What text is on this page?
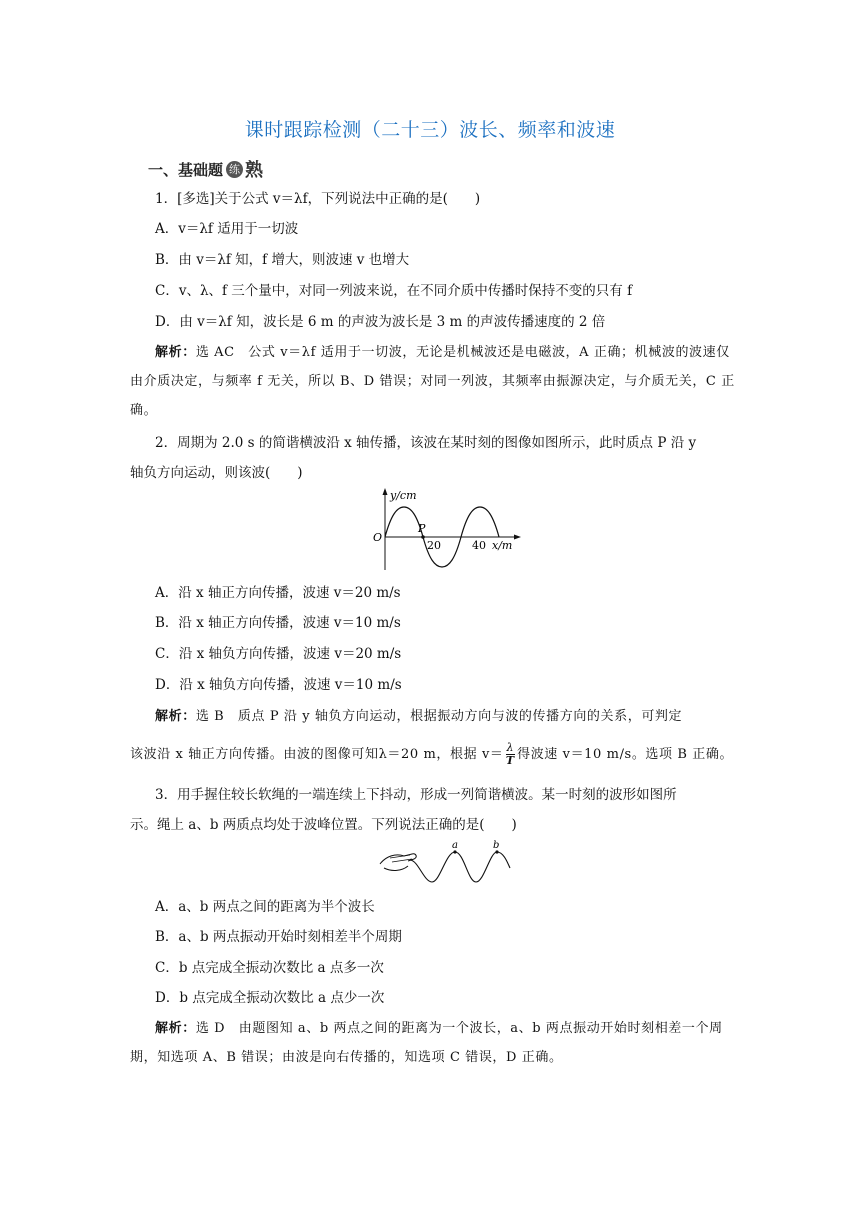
课时跟踪检测（二十三）波长、频率和波速
一、基础题 练 熟
1．[多选]关于公式 v＝λf，下列说法中正确的是(　　)
A．v＝λf 适用于一切波
B．由 v＝λf 知，f 增大，则波速 v 也增大
C．v、λ、f 三个量中，对同一列波来说，在不同介质中传播时保持不变的只有 f
D．由 v＝λf 知，波长是 6 m 的声波为波长是 3 m 的声波传播速度的 2 倍
解析：选 AC　公式 v＝λf 适用于一切波，无论是机械波还是电磁波，A 正确；机械波的波速仅由介质决定，与频率 f 无关，所以 B、D 错误；对同一列波，其频率由振源决定，与介质无关，C 正确。
2．周期为 2.0 s 的简谐横波沿 x 轴传播，该波在某时刻的图像如图所示，此时质点 P 沿 y
轴负方向运动，则该波(　　)
y/cm
O
P
20	40 x/m
A．沿 x 轴正方向传播，波速 v＝20 m/s
B．沿 x 轴正方向传播，波速 v＝10 m/s
C．沿 x 轴负方向传播，波速 v＝20 m/s
D．沿 x 轴负方向传播，波速 v＝10 m/s
解析：选 B　质点 P 沿 y 轴负方向运动，根据振动方向与波的传播方向的关系，可判定
该波沿 x 轴正方向传播。由波的图像可知λ＝20 m，根据 $v= \frac{\lambda}{T}$ 得波速 v＝10 m/s。选项 B 正确。
3．用手握住较长软绳的一端连续上下抖动，形成一列简谐横波。某一时刻的波形如图所
示。绳上 a、b 两质点均处于波峰位置。下列说法正确的是(　　)
a	b
A．a、b 两点之间的距离为半个波长
B．a、b 两点振动开始时刻相差半个周期
C．b 点完成全振动次数比 a 点多一次
D．b 点完成全振动次数比 a 点少一次
解析：选 D　由题图知 a、b 两点之间的距离为一个波长，a、b 两点振动开始时刻相差一个周期，知选项 A、B 错误；由波是向右传播的，知选项 C 错误，D 正确。
